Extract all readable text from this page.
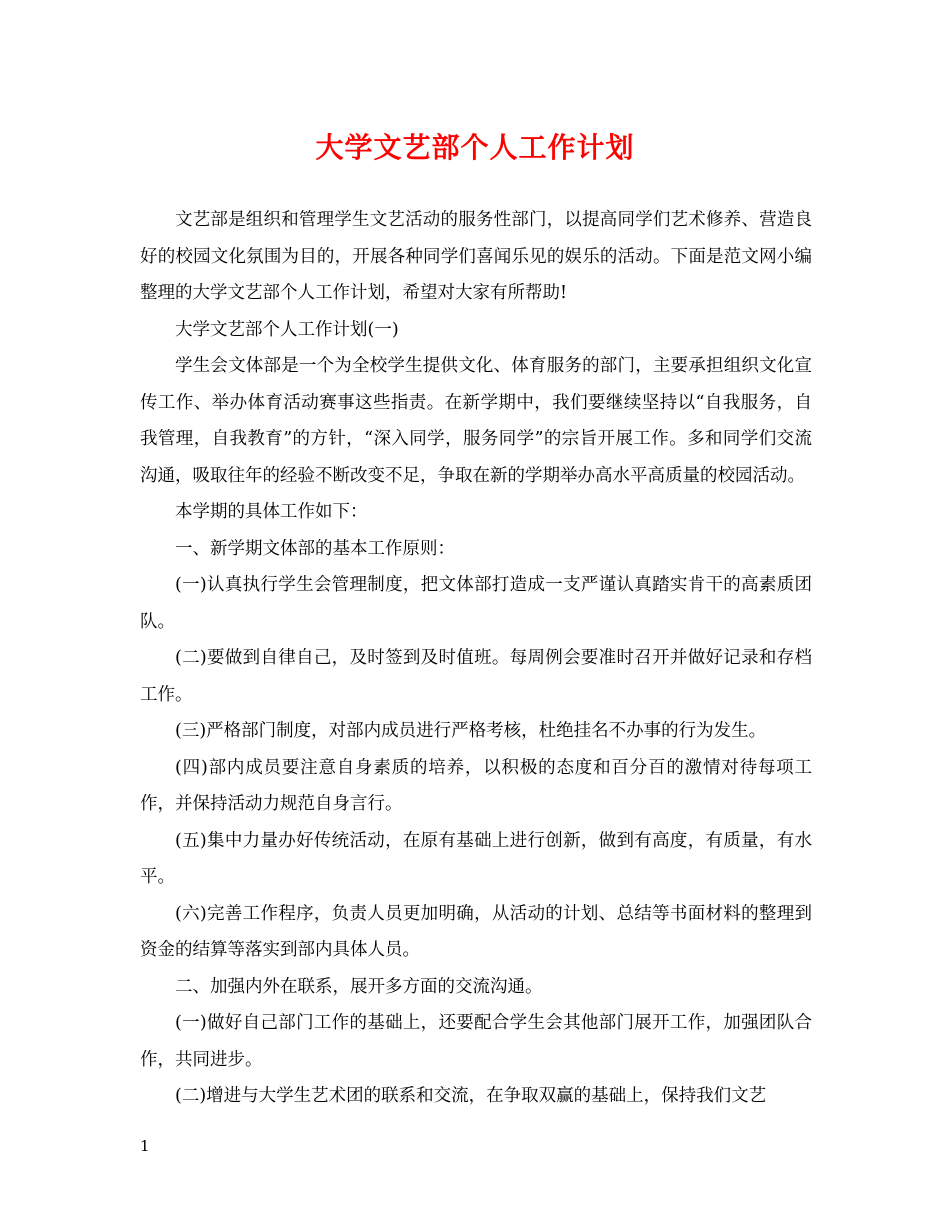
大学文艺部个人工作计划

文艺部是组织和管理学生文艺活动的服务性部门，以提高同学们艺术修养、营造良好的校园文化氛围为目的，开展各种同学们喜闻乐见的娱乐的活动。下面是范文网小编整理的大学文艺部个人工作计划，希望对大家有所帮助!

大学文艺部个人工作计划(一)

学生会文体部是一个为全校学生提供文化、体育服务的部门，主要承担组织文化宣传工作、举办体育活动赛事这些指责。在新学期中，我们要继续坚持以“自我服务，自我管理，自我教育”的方针，“深入同学，服务同学”的宗旨开展工作。多和同学们交流沟通，吸取往年的经验不断改变不足，争取在新的学期举办高水平高质量的校园活动。

本学期的具体工作如下：

一、新学期文体部的基本工作原则：

(一)认真执行学生会管理制度，把文体部打造成一支严谨认真踏实肯干的高素质团队。

(二)要做到自律自己，及时签到及时值班。每周例会要准时召开并做好记录和存档工作。

(三)严格部门制度，对部内成员进行严格考核，杜绝挂名不办事的行为发生。

(四)部内成员要注意自身素质的培养，以积极的态度和百分百的激情对待每项工作，并保持活动力规范自身言行。

(五)集中力量办好传统活动，在原有基础上进行创新，做到有高度，有质量，有水平。

(六)完善工作程序，负责人员更加明确，从活动的计划、总结等书面材料的整理到资金的结算等落实到部内具体人员。

二、加强内外在联系，展开多方面的交流沟通。

(一)做好自己部门工作的基础上，还要配合学生会其他部门展开工作，加强团队合作，共同进步。

(二)增进与大学生艺术团的联系和交流，在争取双赢的基础上，保持我们文艺

1
